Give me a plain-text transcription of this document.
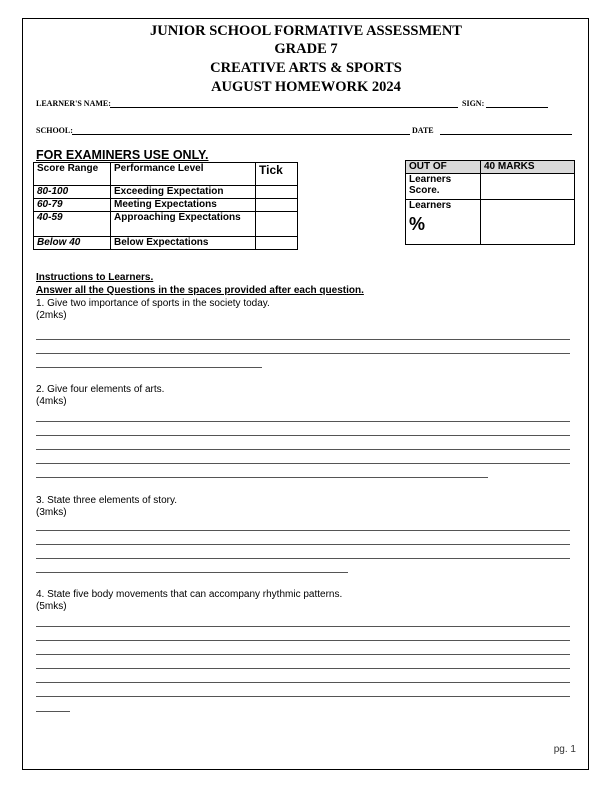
JUNIOR SCHOOL FORMATIVE ASSESSMENT
GRADE 7
CREATIVE ARTS & SPORTS
AUGUST HOMEWORK 2024
LEARNER'S NAME:	SIGN:
SCHOOL:	DATE
FOR EXAMINERS USE ONLY.
Score Range	Performance Level	Tick
80-100	Exceeding Expectation	
60-79	Meeting Expectations	
40-59	Approaching Expectations	
Below 40	Below Expectations	
OUT OF	40 MARKS
Learners Score.	

Learners
%	

Instructions to Learners.
Answer all the Questions in the spaces provided after each question.
1. Give two importance of sports in the society today.
(2mks)
2. Give four elements of arts.
(4mks)
3. State three elements of story.
(3mks)
4. State five body movements that can accompany rhythmic patterns.
(5mks)
pg. 1
